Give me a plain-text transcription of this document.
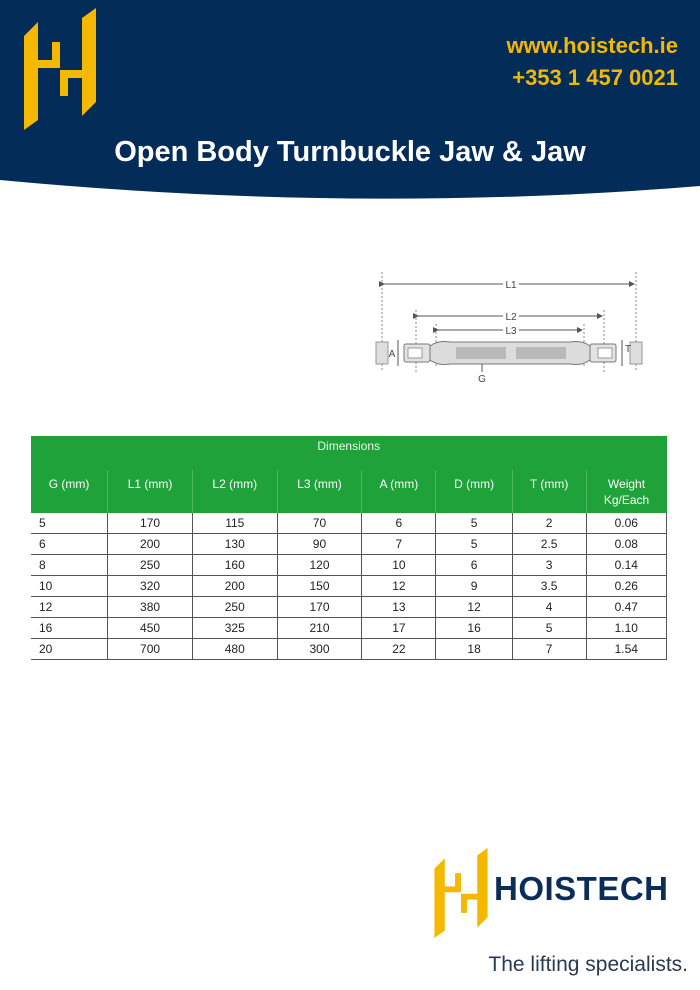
www.hoistech.ie
+353 1 457 0021
Open Body Turnbuckle Jaw & Jaw
L1
L2
L3
A	T
G
Dimensions							
G (mm)	L1 (mm)	L2 (mm)	L3 (mm)	A (mm)	D (mm)	T (mm)	Weight Kg/Each
5	170	115	70	6	5	2	0.06
6	200	130	90	7	5	2.5	0.08
8	250	160	120	10	6	3	0.14
10	320	200	150	12	9	3.5	0.26
12	380	250	170	13	12	4	0.47
16	450	325	210	17	16	5	1.10
20	700	480	300	22	18	7	1.54
HOISTECH
The lifting specialists.
